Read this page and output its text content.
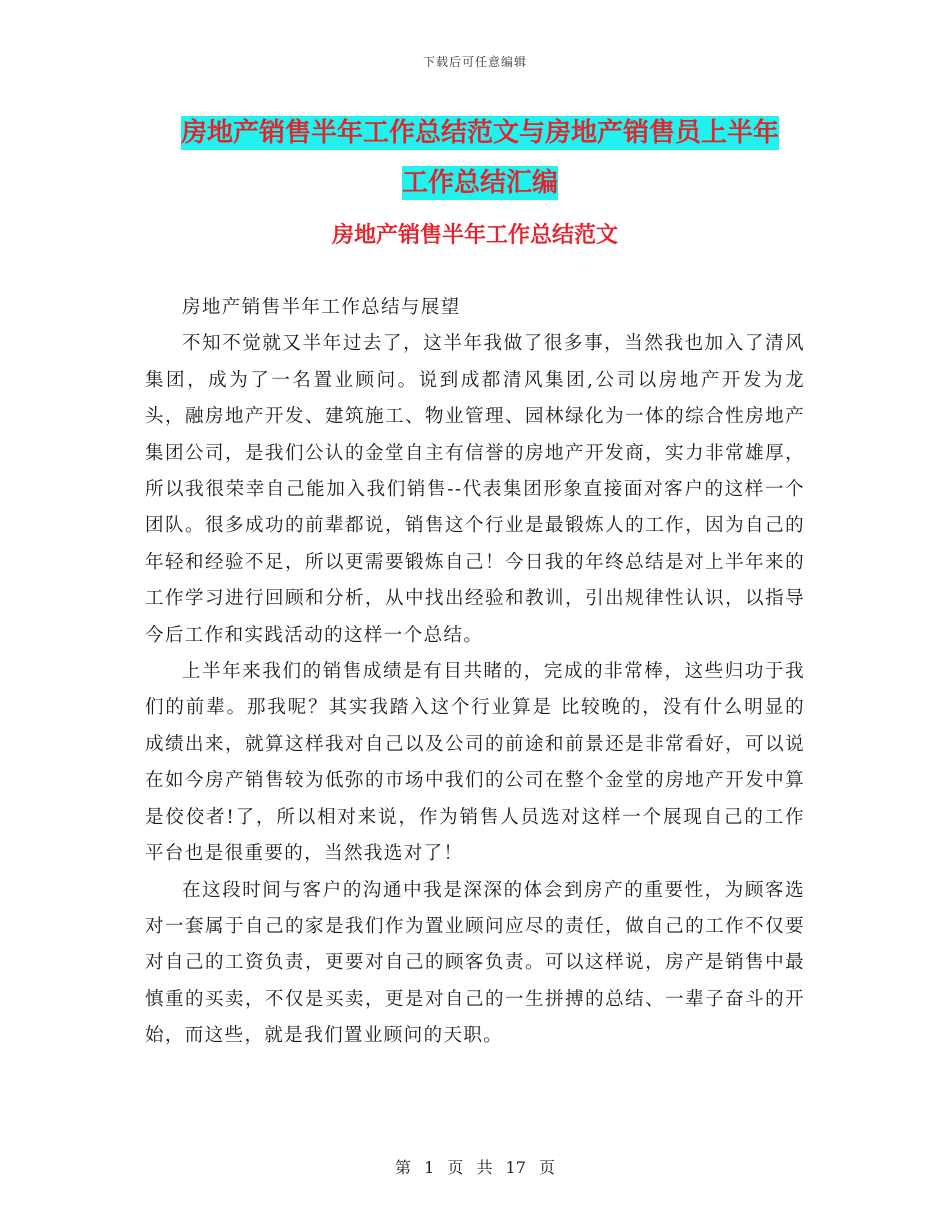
下载后可任意编辑
房地产销售半年工作总结范文与房地产销售员上半年
工作总结汇编
房地产销售半年工作总结范文

房地产销售半年工作总结与展望

不知不觉就又半年过去了，这半年我做了很多事，当然我也加入了清风集团，成为了一名置业顾问。说到成都清风集团,公司以房地产开发为龙头，融房地产开发、建筑施工、物业管理、园林绿化为一体的综合性房地产集团公司，是我们公认的金堂自主有信誉的房地产开发商，实力非常雄厚，所以我很荣幸自己能加入我们销售--代表集团形象直接面对客户的这样一个团队。很多成功的前辈都说，销售这个行业是最锻炼人的工作，因为自己的年轻和经验不足，所以更需要锻炼自己！今日我的年终总结是对上半年来的工作学习进行回顾和分析，从中找出经验和教训，引出规律性认识，以指导今后工作和实践活动的这样一个总结。

上半年来我们的销售成绩是有目共睹的，完成的非常棒，这些归功于我们的前辈。那我呢？其实我踏入这个行业算是 比较晚的，没有什么明显的成绩出来，就算这样我对自己以及公司的前途和前景还是非常看好，可以说在如今房产销售较为低弥的市场中我们的公司在整个金堂的房地产开发中算是佼佼者!了，所以相对来说，作为销售人员选对这样一个展现自己的工作平台也是很重要的，当然我选对了！

在这段时间与客户的沟通中我是深深的体会到房产的重要性，为顾客选对一套属于自己的家是我们作为置业顾问应尽的责任，做自己的工作不仅要对自己的工资负责，更要对自己的顾客负责。可以这样说，房产是销售中最慎重的买卖，不仅是买卖，更是对自己的一生拼搏的总结、一辈子奋斗的开始，而这些，就是我们置业顾问的天职。

第 1 页 共 17 页
